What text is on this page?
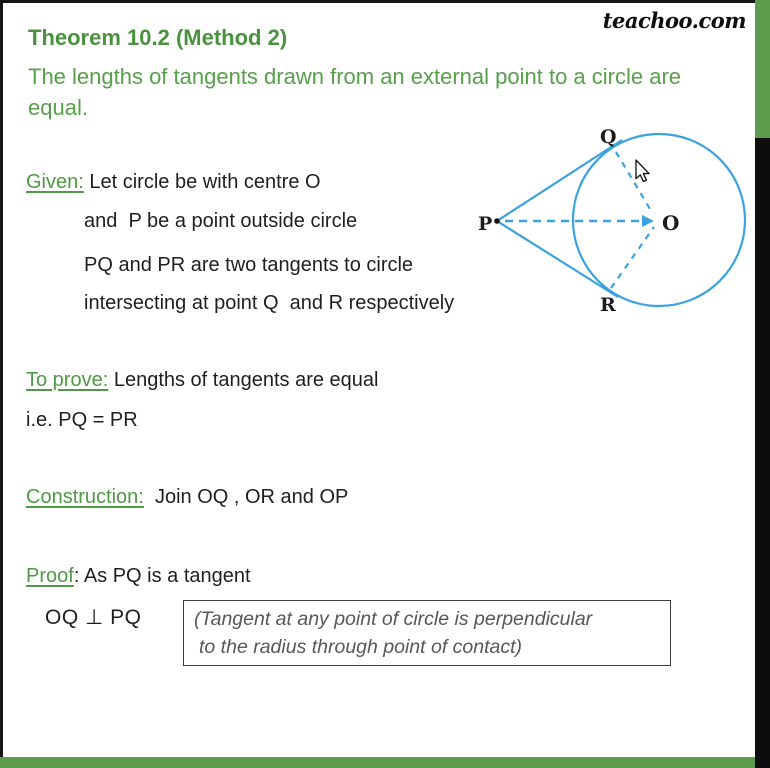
teachoo.com
Theorem 10.2 (Method 2)
The lengths of tangents drawn from an external point to a circle are equal.
Given: Let circle be with centre O
and  P be a point outside circle
PQ and PR are two tangents to circle
intersecting at point Q  and R respectively
To prove: Lengths of tangents are equal
i.e. PQ = PR
Construction:  Join OQ , OR and OP
Proof: As PQ is a tangent
OQ ⊥ PQ	(Tangent at any point of circle is perpendicular
to the radius through point of contact)
P
Q
R
O
